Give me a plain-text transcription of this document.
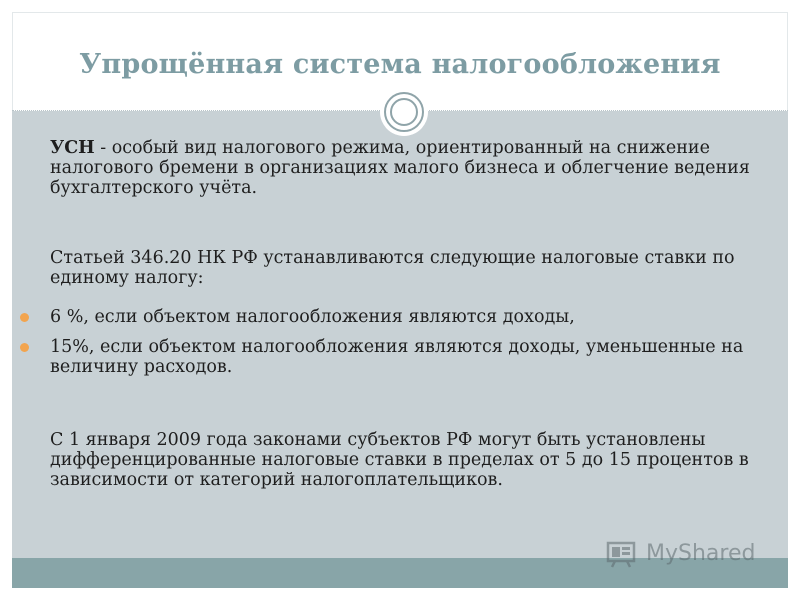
Упрощённая система налогообложения
УСН - особый вид налогового режима, ориентированный на снижение налогового бремени в организациях малого бизнеса и облегчение ведения бухгалтерского учёта.
Статьей 346.20 НК РФ устанавливаются следующие налоговые ставки по единому налогу:
6 %, если объектом налогообложения являются доходы,
15%, если объектом налогообложения являются доходы, уменьшенные на величину расходов.
С 1 января 2009 года законами субъектов РФ могут быть установлены дифференцированные налоговые ставки в пределах от 5 до 15 процентов в зависимости от категорий налогоплательщиков.
MyShared
